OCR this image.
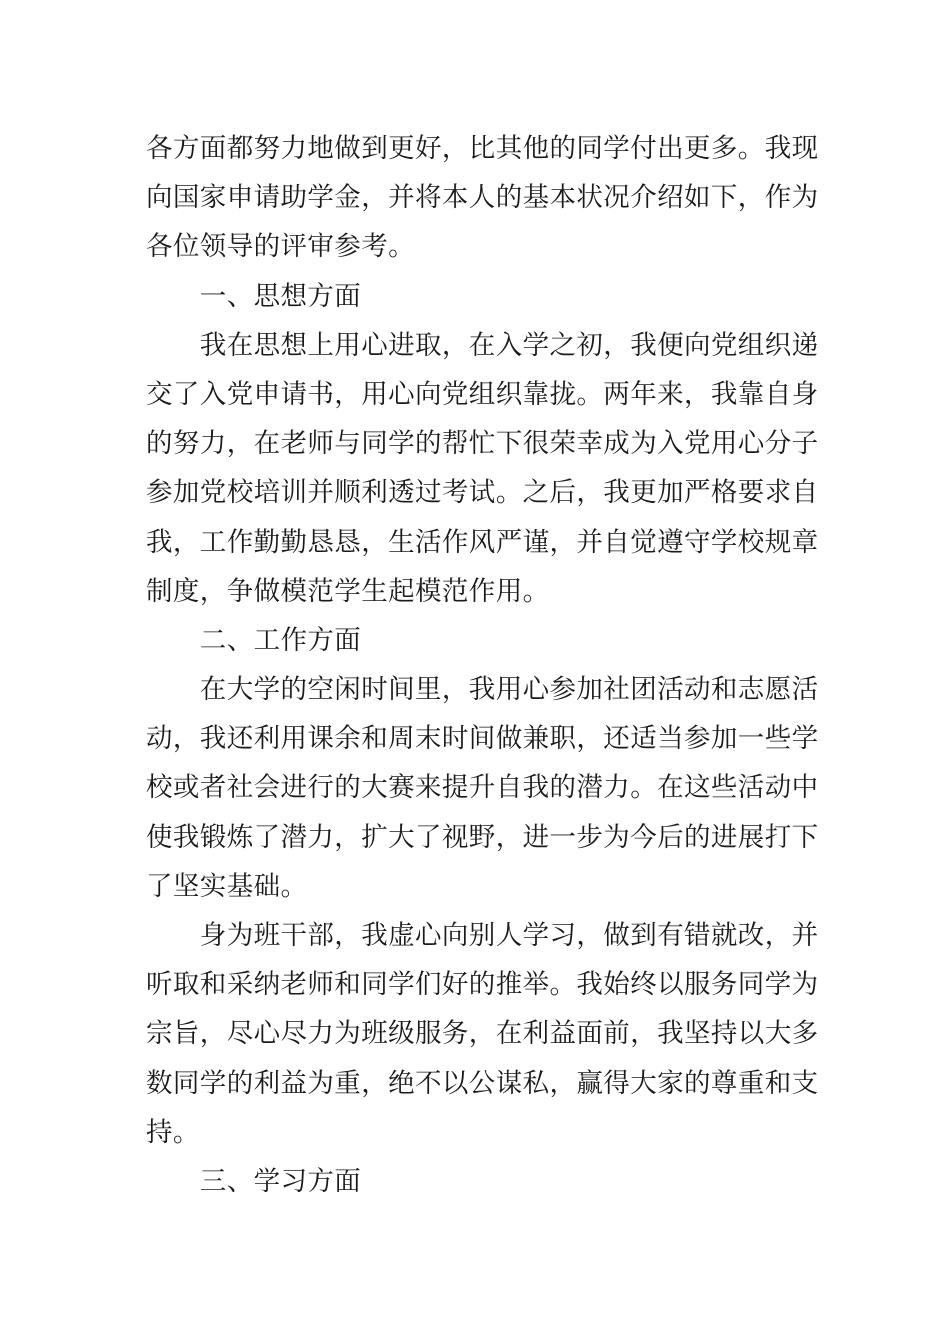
各方面都努力地做到更好，比其他的同学付出更多。我现
向国家申请助学金，并将本人的基本状况介绍如下，作为
各位领导的评审参考。
　　一、思想方面
　　我在思想上用心进取，在入学之初，我便向党组织递
交了入党申请书，用心向党组织靠拢。两年来，我靠自身
的努力，在老师与同学的帮忙下很荣幸成为入党用心分子
参加党校培训并顺利透过考试。之后，我更加严格要求自
我，工作勤勤恳恳，生活作风严谨，并自觉遵守学校规章
制度，争做模范学生起模范作用。
　　二、工作方面
　　在大学的空闲时间里，我用心参加社团活动和志愿活
动，我还利用课余和周末时间做兼职，还适当参加一些学
校或者社会进行的大赛来提升自我的潜力。在这些活动中
使我锻炼了潜力，扩大了视野，进一步为今后的进展打下
了坚实基础。
　　身为班干部，我虚心向别人学习，做到有错就改，并
听取和采纳老师和同学们好的推举。我始终以服务同学为
宗旨，尽心尽力为班级服务，在利益面前，我坚持以大多
数同学的利益为重，绝不以公谋私，赢得大家的尊重和支
持。
　　三、学习方面
